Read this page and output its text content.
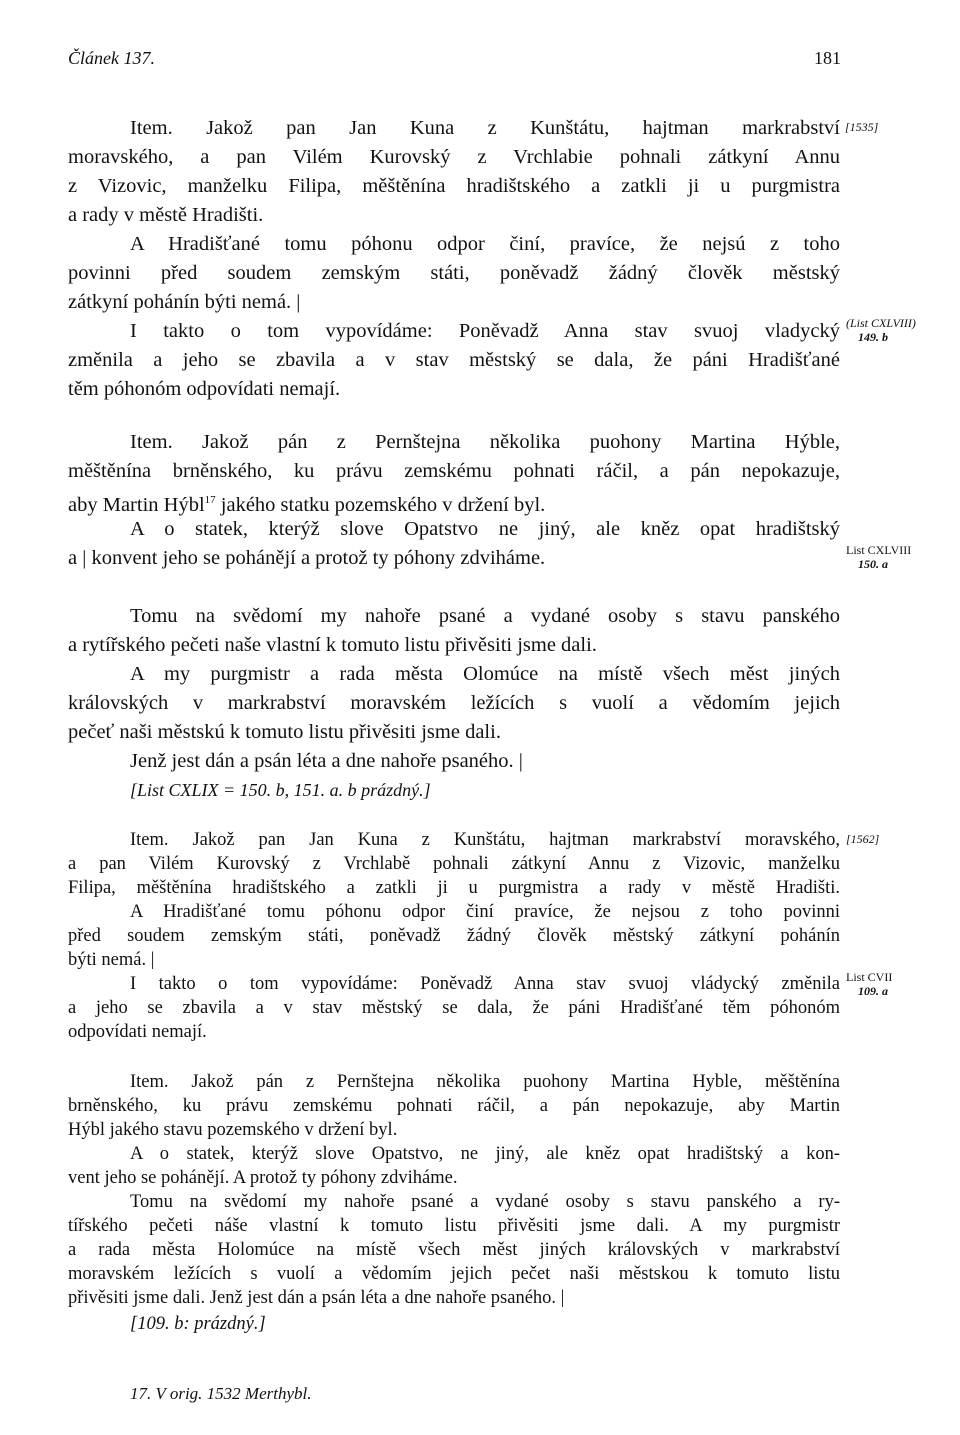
Článek 137.	181
Item. Jakož pan Jan Kuna z Kunštátu, hajtman markrabství
moravského, a pan Vilém Kurovský z Vrchlabie pohnali zátkyní Annu
z Vizovic, manželku Filipa, měštěnína hradištského a zatkli ji u purgmistra
a rady v městě Hradišti.
A Hradišťané tomu póhonu odpor činí, pravíce, že nejsú z toho
povinni před soudem zemským státi, poněvadž žádný člověk městský
zátkyní pohánín býti nemá. |
I takto o tom vypovídáme: Poněvadž Anna stav svuoj vladycký
změnila a jeho se zbavila a v stav městský se dala, že páni Hradišťané
těm póhonóm odpovídati nemají.
[1535]
(List CXLVIII)
149. b
Item. Jakož pán z Pernštejna několika puohony Martina Hýble,
měštěnína brněnského, ku právu zemskému pohnati ráčil, a pán nepokazuje,
aby Martin Hýbl$^{17}$ jakého statku pozemského v držení byl.
A o statek, kterýž slove Opatstvo ne jiný, ale kněz opat hradištský
a | konvent jeho se pohánějí a protož ty póhony zdviháme.	List CXLVIII
150. a
Tomu na svědomí my nahoře psané a vydané osoby s stavu panského
a rytířského pečeti naše vlastní k tomuto listu přivěsiti jsme dali.
A my purgmistr a rada města Olomúce na místě všech měst jiných
královských v markrabství moravském ležících s vuolí a vědomím jejich
pečeť naši městskú k tomuto listu přivěsiti jsme dali.
Jenž jest dán a psán léta a dne nahoře psaného. |
[List CXLIX = 150. b, 151. a. b prázdný.]
Item. Jakož pan Jan Kuna z Kunštátu, hajtman markrabství moravského,
a pan Vilém Kurovský z Vrchlabě pohnali zátkyní Annu z Vizovic, manželku
Filipa, měštěnína hradištského a zatkli ji u purgmistra a rady v městě Hradišti.
A Hradišťané tomu póhonu odpor činí pravíce, že nejsou z toho povinni
před soudem zemským státi, poněvadž žádný člověk městský zátkyní pohánín
býti nemá. |
I takto o tom vypovídáme: Poněvadž Anna stav svuoj vládycký změnila
a jeho se zbavila a v stav městský se dala, že páni Hradišťané těm póhonóm
odpovídati nemají.
[1562]
List CVII
109. a
Item. Jakož pán z Pernštejna několika puohony Martina Hyble, měštěnína
brněnského, ku právu zemskému pohnati ráčil, a pán nepokazuje, aby Martin
Hýbl jakého stavu pozemského v držení byl.
A o statek, kterýž slove Opatstvo, ne jiný, ale kněz opat hradištský a kon-
vent jeho se pohánějí. A protož ty póhony zdviháme.
Tomu na svědomí my nahoře psané a vydané osoby s stavu panského a ry-
tířského pečeti náše vlastní k tomuto listu přivěsiti jsme dali. A my purgmistr
a rada města Holomúce na místě všech měst jiných královských v markrabství
moravském ležících s vuolí a vědomím jejich pečet naši městskou k tomuto listu
přivěsiti jsme dali. Jenž jest dán a psán léta a dne nahoře psaného. |
[109. b: prázdný.]
17. V orig. 1532 Merthybl.
